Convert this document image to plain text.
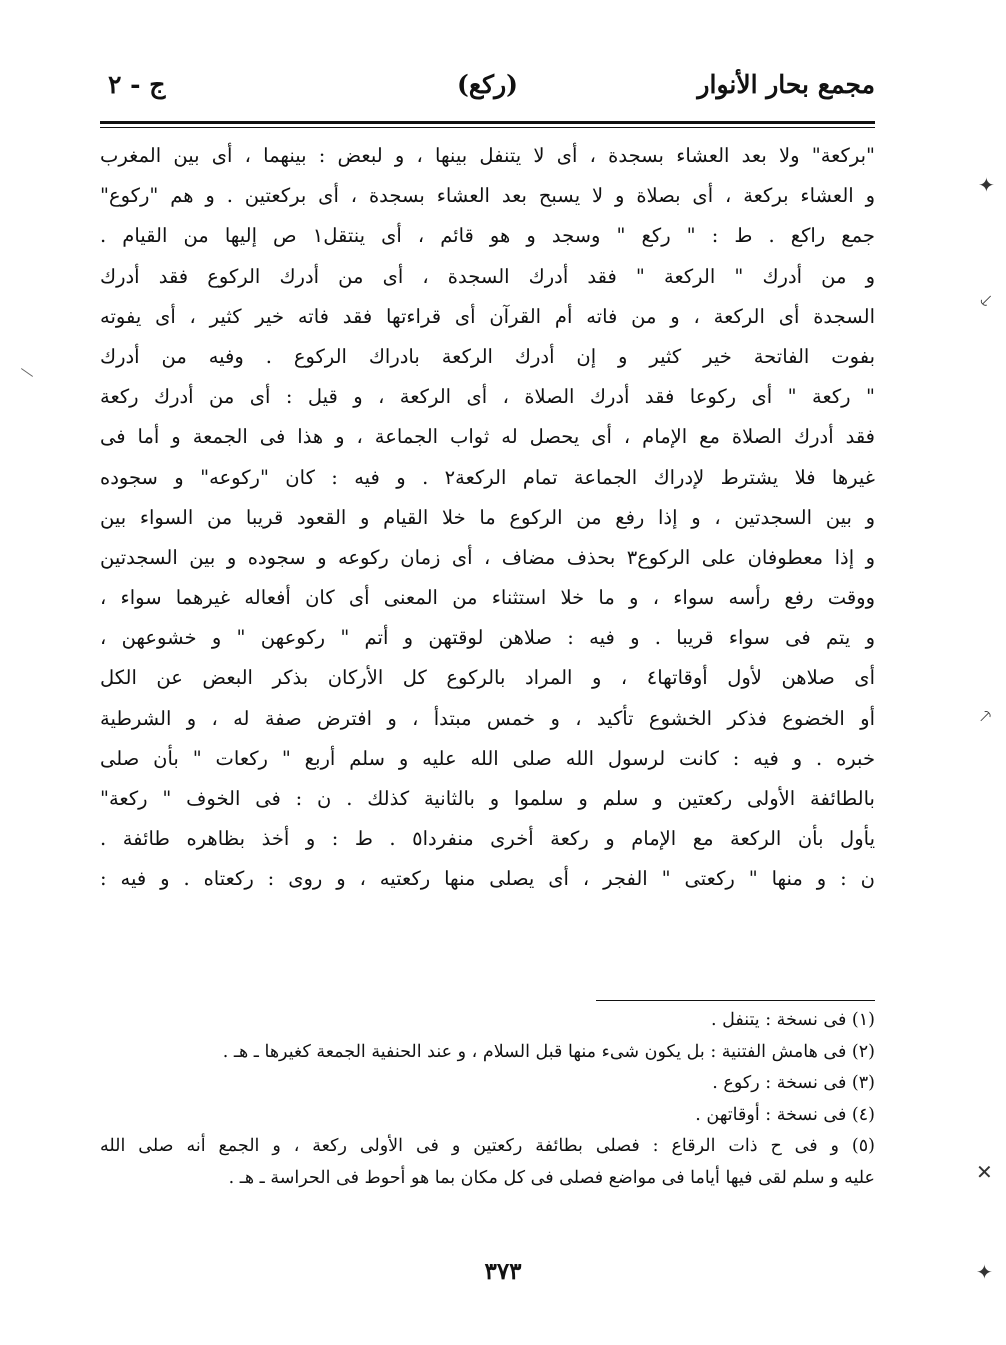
مجمع بحار الأنوار
(ركع)
ج - ٢
"بركعة" ولا بعد العشاء بسجدة ، أى لا يتنفل بينها ، و لبعض : بينهما ، أى بين المغرب
و العشاء بركعة ، أى بصلاة و لا يسبح بعد العشاء بسجدة ، أى بركعتين . و هم "ركوع"
جمع راكع . ط : " ركع " وسجد و هو قائم ، أى ينتقل١ ص إليها من القيام .
و من أدرك " الركعة " فقد أدرك السجدة ، أى من أدرك الركوع فقد أدرك
السجدة أى الركعة ، و من فاته أم القرآن أى قراءتها فقد فاته خير كثير ، أى يفوته
بفوت الفاتحة خير كثير و إن أدرك الركعة بادراك الركوع . وفيه من أدرك
" ركعة " أى ركوعا فقد أدرك الصلاة ، أى الركعة ، و قيل : أى من أدرك ركعة
فقد أدرك الصلاة مع الإمام ، أى يحصل له ثواب الجماعة ، و هذا فى الجمعة و أما فى
غيرها فلا يشترط لإدراك الجماعة تمام الركعة٢ . و فيه : كان "ركوعه" و سجوده
و بين السجدتين ، و إذا رفع من الركوع ما خلا القيام و القعود قريبا من السواء بين
و إذا معطوفان على الركوع٣ بحذف مضاف ، أى زمان ركوعه و سجوده و بين السجدتين
ووقت رفع رأسه سواء ، و ما خلا استثناء من المعنى أى كان أفعاله غيرهما سواء ،
و يتم فى سواء قريبا . و فيه : صلاهن لوقتهن و أتم " ركوعهن " و خشوعهن ،
أى صلاهن لأول أوقاتها٤ ، و المراد بالركوع كل الأركان بذكر البعض عن الكل
أو الخضوع فذكر الخشوع تأكيد ، و خمس مبتدأ ، و افترض صفة له ، و الشرطية
خبره . و فيه : كانت لرسول الله صلى الله عليه و سلم أربع " ركعات " بأن صلى
بالطائفة الأولى ركعتين و سلم و سلموا و بالثانية كذلك . ن : فى الخوف " ركعة"
يأول بأن الركعة مع الإمام و ركعة أخرى منفردا٥ . ط : و أخذ بظاهره طائفة .
ن : و منها " ركعتى " الفجر ، أى يصلى منها ركعتيه ، و روى : ركعتاه . و فيه :
(١) فى نسخة : يتنفل .
(٢) فى هامش الفتنية : بل يكون شىء منها قبل السلام ، و عند الحنفية الجمعة كغيرها ـ هـ .
(٣) فى نسخة : ركوع .
(٤) فى نسخة : أوقاتهن .
(٥) و فى ح ذات الرقاع : فصلى بطائفة ركعتين و فى الأولى ركعة ، و الجمع أنه صلى الله
عليه و سلم لقى فيها أياما فى مواضع فصلى فى كل مكان بما هو أحوط فى الحراسة ـ هـ .
٣٧٣
✦
⸔
⸕
✕
✦
